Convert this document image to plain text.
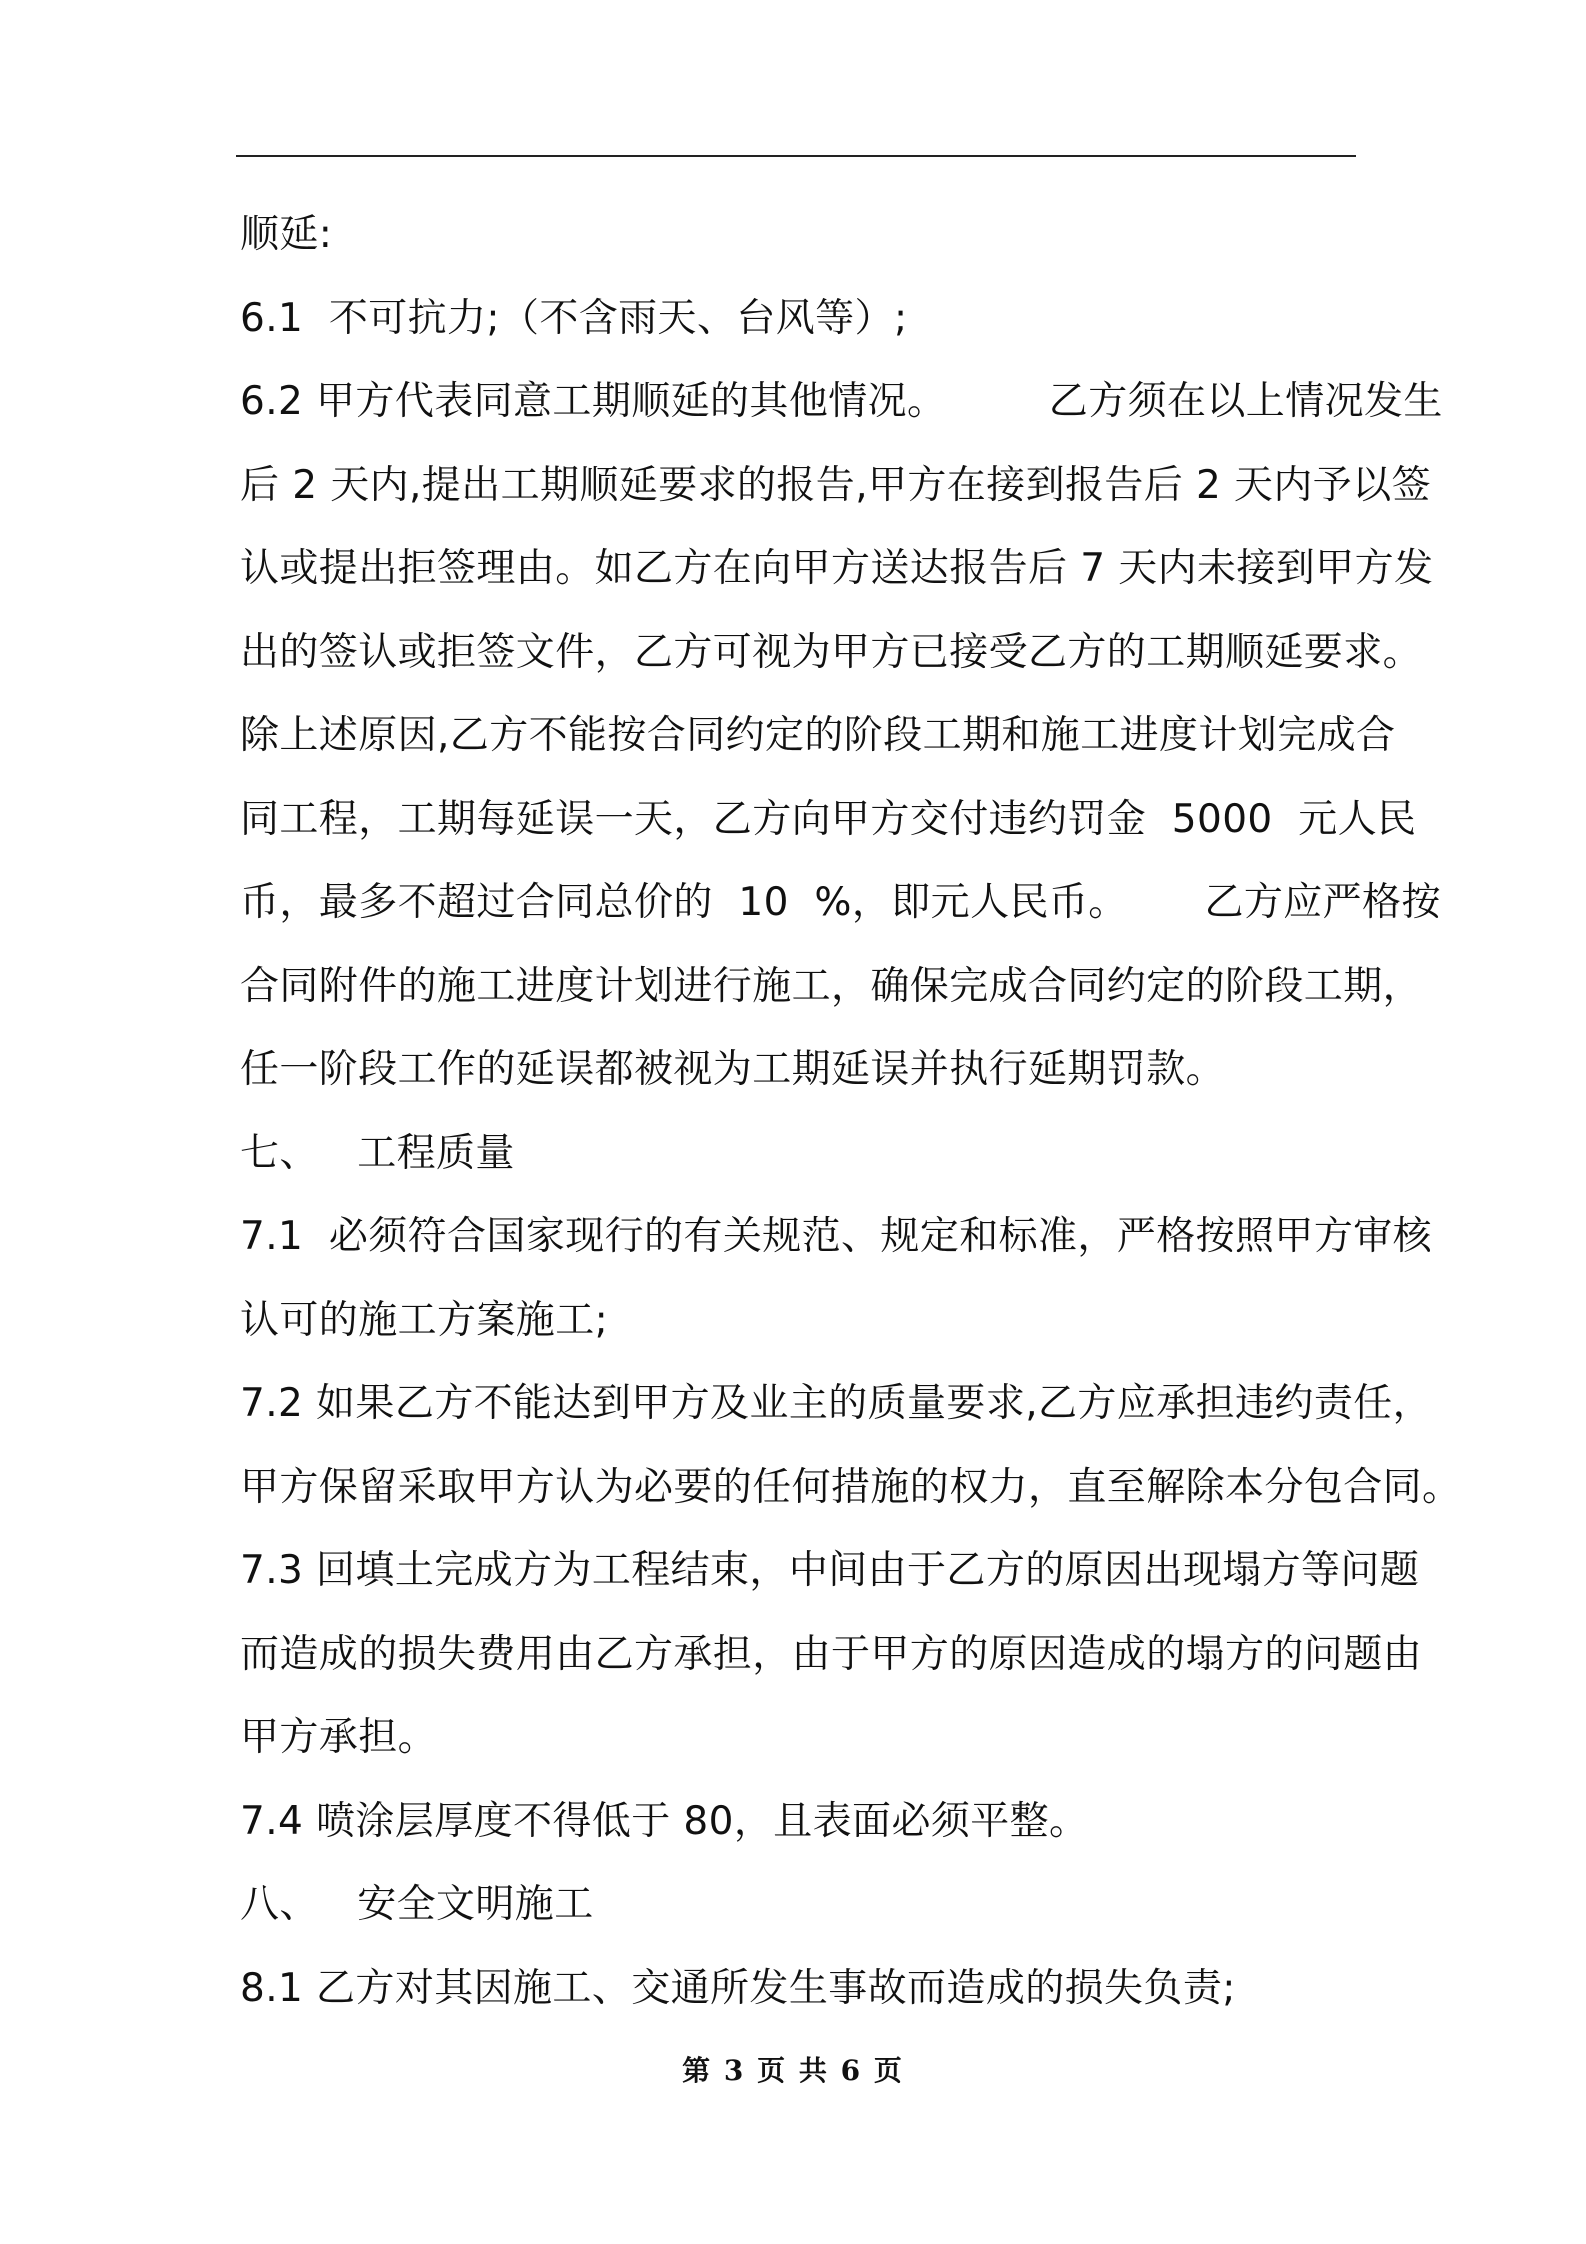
顺延:
6.1  不可抗力;（不含雨天、台风等）;
6.2 甲方代表同意工期顺延的其他情况。        乙方须在以上情况发生
后 2 天内,提出工期顺延要求的报告,甲方在接到报告后 2 天内予以签
认或提出拒签理由。如乙方在向甲方送达报告后 7 天内未接到甲方发
出的签认或拒签文件，乙方可视为甲方已接受乙方的工期顺延要求。
除上述原因,乙方不能按合同约定的阶段工期和施工进度计划完成合
同工程，工期每延误一天，乙方向甲方交付违约罚金  5000  元人民
币，最多不超过合同总价的  10  %，即元人民币。      乙方应严格按
合同附件的施工进度计划进行施工，确保完成合同约定的阶段工期，
任一阶段工作的延误都被视为工期延误并执行延期罚款。
七、   工程质量
7.1  必须符合国家现行的有关规范、规定和标准，严格按照甲方审核
认可的施工方案施工;
7.2 如果乙方不能达到甲方及业主的质量要求,乙方应承担违约责任，
甲方保留采取甲方认为必要的任何措施的权力，直至解除本分包合同。
7.3 回填土完成方为工程结束，中间由于乙方的原因出现塌方等问题
而造成的损失费用由乙方承担，由于甲方的原因造成的塌方的问题由
甲方承担。
7.4 喷涂层厚度不得低于 80，且表面必须平整。
八、   安全文明施工
8.1 乙方对其因施工、交通所发生事故而造成的损失负责;
第 3 页 共 6 页
